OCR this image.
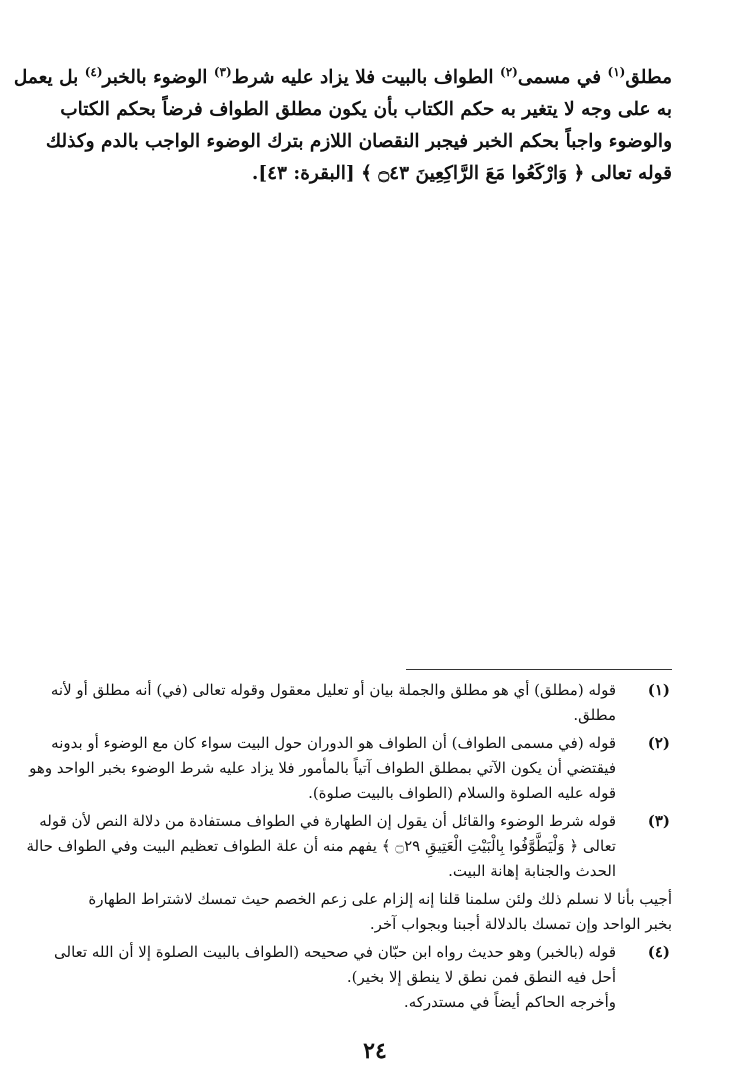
مطلق$^{(١)}$ في مسمى$^{(٢)}$ الطواف بالبيت فلا يزاد عليه شرط$^{(٣)}$ الوضوء بالخبر$^{(٤)}$ بل يعمل
به على وجه لا يتغير به حكم الكتاب بأن يكون مطلق الطواف فرضاً بحكم الكتاب
والوضوء واجباً بحكم الخبر فيجبر النقصان اللازم بترك الوضوء الواجب بالدم وكذلك
قوله تعالى ﴿ وَارْكَعُوا مَعَ الرَّاكِعِينَ ۝٤٣ ﴾ [البقرة: ٤٣].
(١)
قوله (مطلق) أي هو مطلق والجملة بيان أو تعليل معقول وقوله تعالى (في) أنه مطلق أو لأنه
مطلق.
(٢)
قوله (في مسمى الطواف) أن الطواف هو الدوران حول البيت سواء كان مع الوضوء أو بدونه
فيقتضي أن يكون الآتي بمطلق الطواف آتياً بالمأمور فلا يزاد عليه شرط الوضوء بخبر الواحد وهو
قوله عليه الصلوة والسلام (الطواف بالبيت صلوة).
(٣)
قوله شرط الوضوء والقائل أن يقول إن الطهارة في الطواف مستفادة من دلالة النص لأن قوله
تعالى ﴿ وَلْيَطَّوَّفُوا بِالْبَيْتِ الْعَتِيقِ ۝٢٩ ﴾ يفهم منه أن علة الطواف تعظيم البيت وفي الطواف حالة
الحدث والجنابة إهانة البيت.
أجيب بأنا لا نسلم ذلك ولئن سلمنا قلنا إنه إلزام على زعم الخصم حيث تمسك لاشتراط الطهارة
بخبر الواحد وإن تمسك بالدلالة أجبنا وبجواب آخر.
(٤)
قوله (بالخبر) وهو حديث رواه ابن حبّان في صحيحه (الطواف بالبيت الصلوة إلا أن الله تعالى
أحل فيه النطق فمن نطق لا ينطق إلا بخير).
وأخرجه الحاكم أيضاً في مستدركه.
٢٤
